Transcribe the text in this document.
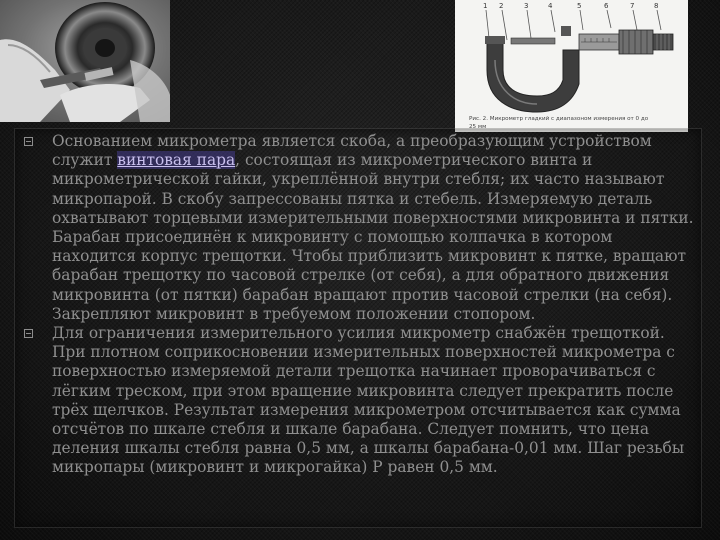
1 2	3	4	5	6	7	8
Рис. 2. Микрометр гладкий с диапазоном измерения от 0 до
25 мм

Основанием микрометра является скоба, а преобразующим устройством служит винтовая пара, состоящая из микрометрического винта и микрометрической гайки, укреплённой внутри стебля; их часто называют микропарой. В скобу запрессованы пятка и стебель. Измеряемую деталь охватывают торцевыми измерительными поверхностями микровинта и пятки. Барабан присоединён к микровинту с помощью колпачка в котором находится корпус трещотки. Чтобы приблизить микровинт к пятке, вращают барабан трещотку по часовой стрелке (от себя), а для обратного движения микровинта (от пятки) барабан вращают против часовой стрелки (на себя). Закрепляют микровинт в требуемом положении стопором.

Для ограничения измерительного усилия микрометр снабжён трещоткой. При плотном соприкосновении измерительных поверхностей микрометра с поверхностью измеряемой детали трещотка начинает проворачиваться с лёгким треском, при этом вращение микровинта следует прекратить после трёх щелчков. Результат измерения микрометром отсчитывается как сумма отсчётов по шкале стебля и шкале барабана. Следует помнить, что цена деления шкалы стебля равна 0,5 мм, а шкалы барабана-0,01 мм. Шаг резьбы микропары (микровинт и микрогайка) Р равен 0,5 мм.
